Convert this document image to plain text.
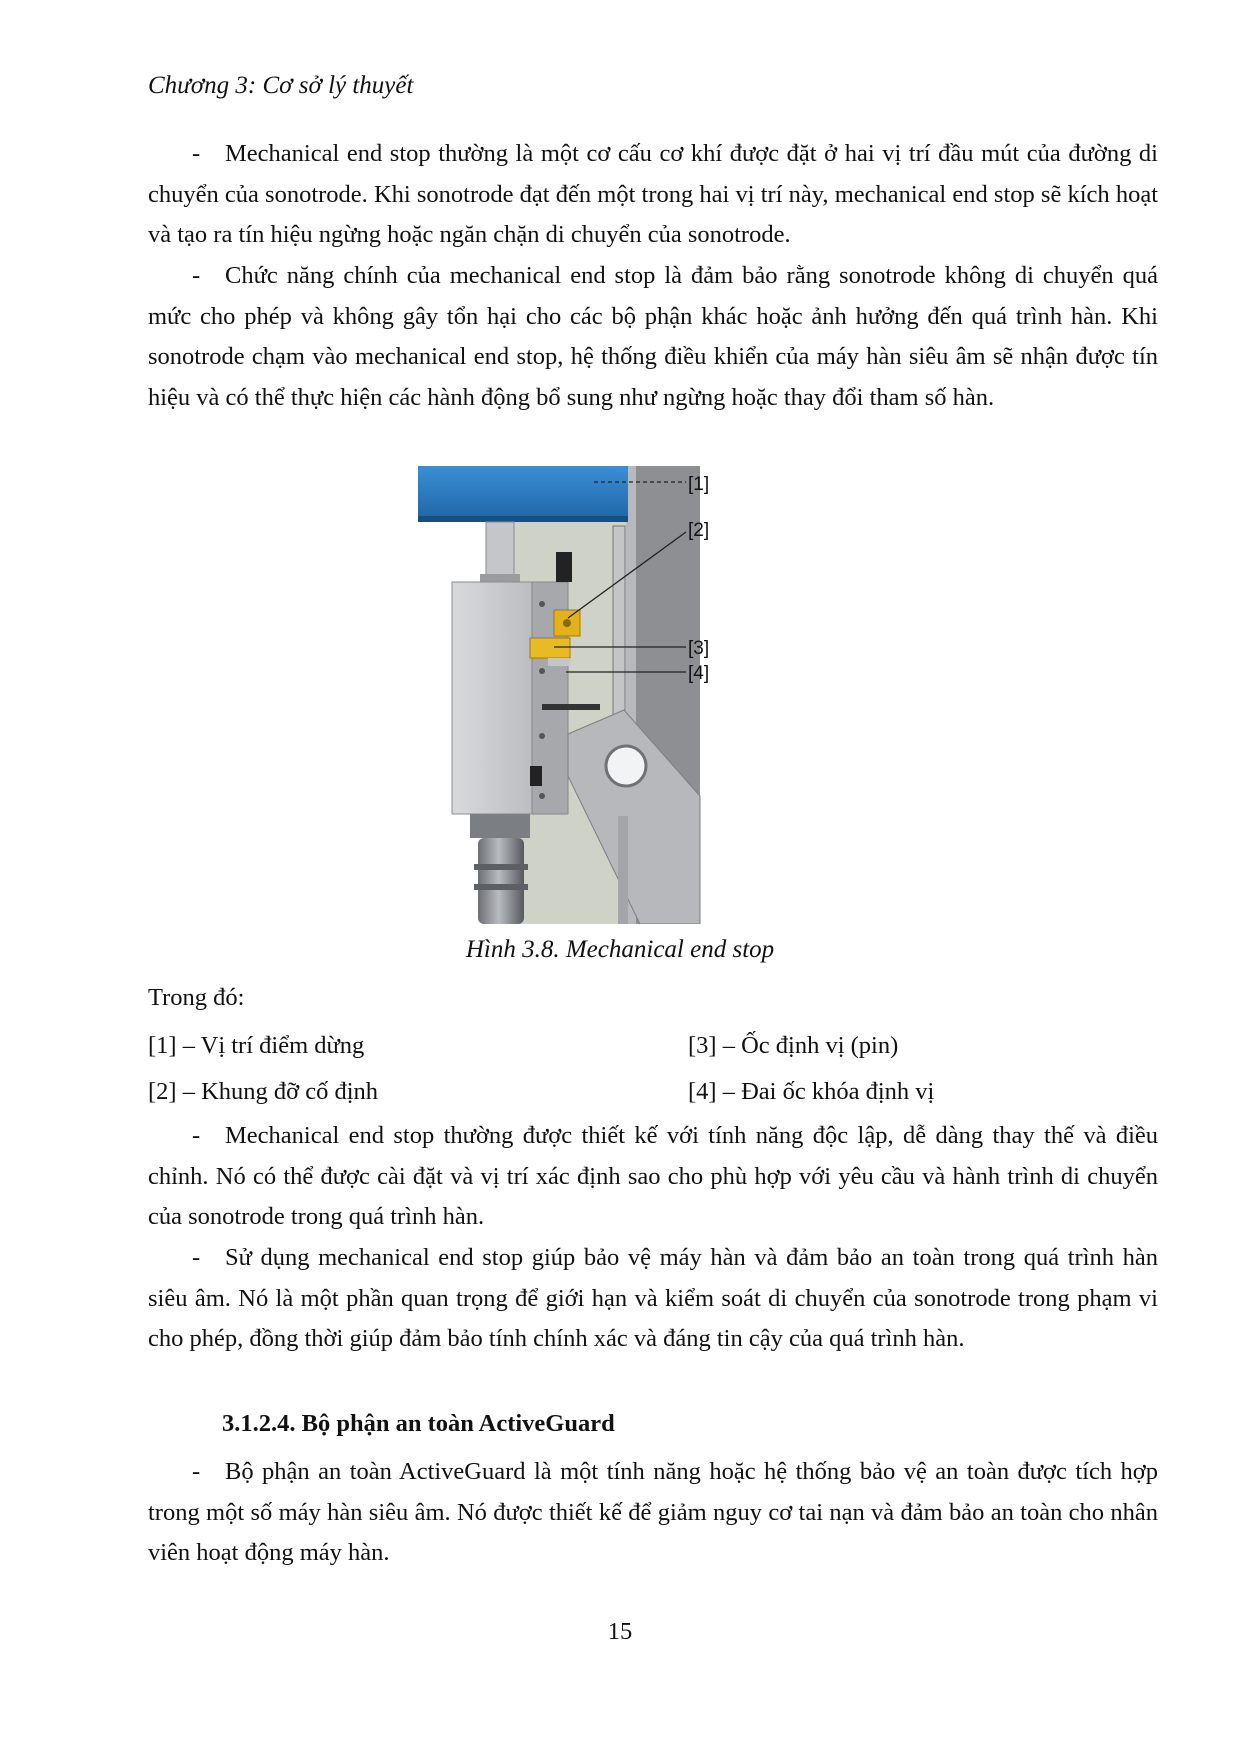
Chương 3: Cơ sở lý thuyết

- Mechanical end stop thường là một cơ cấu cơ khí được đặt ở hai vị trí đầu mút của đường di chuyển của sonotrode. Khi sonotrode đạt đến một trong hai vị trí này, mechanical end stop sẽ kích hoạt và tạo ra tín hiệu ngừng hoặc ngăn chặn di chuyển của sonotrode.

- Chức năng chính của mechanical end stop là đảm bảo rằng sonotrode không di chuyển quá mức cho phép và không gây tổn hại cho các bộ phận khác hoặc ảnh hưởng đến quá trình hàn. Khi sonotrode chạm vào mechanical end stop, hệ thống điều khiển của máy hàn siêu âm sẽ nhận được tín hiệu và có thể thực hiện các hành động bổ sung như ngừng hoặc thay đổi tham số hàn.

[1]
[2]
[3]
[4]
Hình 3.8. Mechanical end stop
Trong đó:
[1] – Vị trí điểm dừng
[2] – Khung đỡ cố định
[3] – Ốc định vị (pin)
[4] – Đai ốc khóa định vị

- Mechanical end stop thường được thiết kế với tính năng độc lập, dễ dàng thay thế và điều chỉnh. Nó có thể được cài đặt và vị trí xác định sao cho phù hợp với yêu cầu và hành trình di chuyển của sonotrode trong quá trình hàn.

- Sử dụng mechanical end stop giúp bảo vệ máy hàn và đảm bảo an toàn trong quá trình hàn siêu âm. Nó là một phần quan trọng để giới hạn và kiểm soát di chuyển của sonotrode trong phạm vi cho phép, đồng thời giúp đảm bảo tính chính xác và đáng tin cậy của quá trình hàn.

3.1.2.4. Bộ phận an toàn ActiveGuard

- Bộ phận an toàn ActiveGuard là một tính năng hoặc hệ thống bảo vệ an toàn được tích hợp trong một số máy hàn siêu âm. Nó được thiết kế để giảm nguy cơ tai nạn và đảm bảo an toàn cho nhân viên hoạt động máy hàn.

15
